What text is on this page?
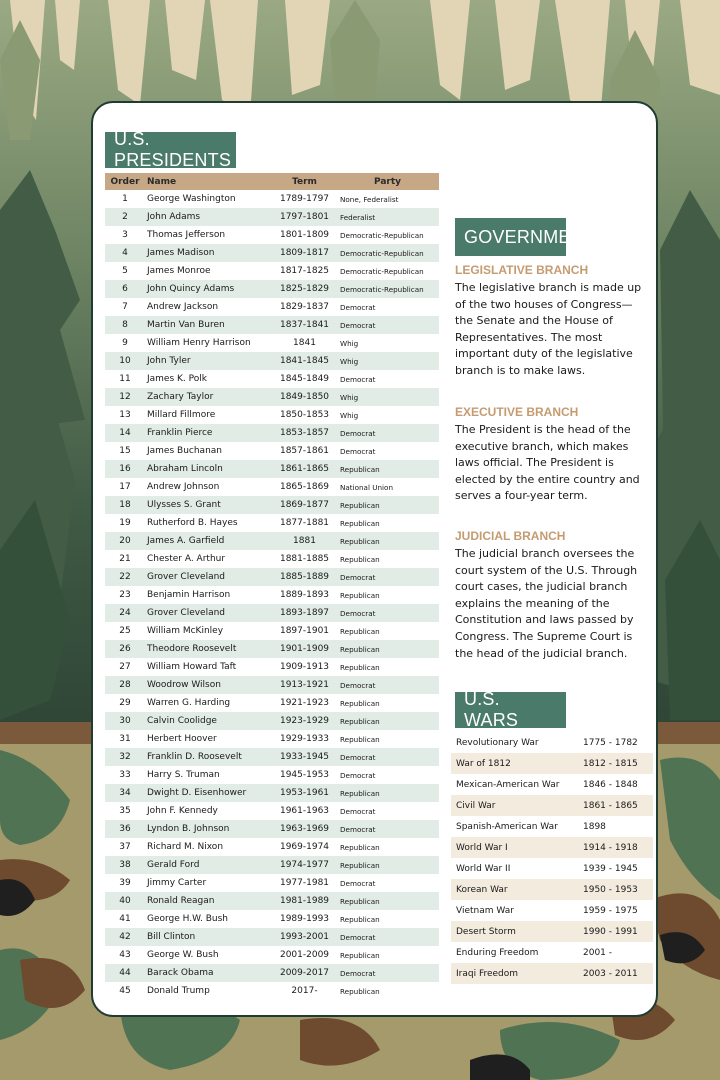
U.S. PRESIDENTS
Order Name	Term	Party
1	George Washington	1789-1797	None, Federalist
2	John Adams	1797-1801	Federalist
3	Thomas Jefferson	1801-1809	Democratic-Republican
4	James Madison	1809-1817	Democratic-Republican
5	James Monroe	1817-1825	Democratic-Republican
6	John Quincy Adams	1825-1829	Democratic-Republican
7	Andrew Jackson	1829-1837	Democrat
8	Martin Van Buren	1837-1841	Democrat
9	William Henry Harrison	1841	Whig
10	John Tyler	1841-1845	Whig
11	James K. Polk	1845-1849	Democrat
12	Zachary Taylor	1849-1850	Whig
13	Millard Fillmore	1850-1853	Whig
14	Franklin Pierce	1853-1857	Democrat
15	James Buchanan	1857-1861	Democrat
16	Abraham Lincoln	1861-1865	Republican
17	Andrew Johnson	1865-1869	National Union
18	Ulysses S. Grant	1869-1877	Republican
19	Rutherford B. Hayes	1877-1881	Republican
20	James A. Garfield	1881	Republican
21	Chester A. Arthur	1881-1885	Republican
22	Grover Cleveland	1885-1889	Democrat
23	Benjamin Harrison	1889-1893	Republican
24	Grover Cleveland	1893-1897	Democrat
25	William McKinley	1897-1901	Republican
26	Theodore Roosevelt	1901-1909	Republican
27	William Howard Taft	1909-1913	Republican
28	Woodrow Wilson	1913-1921	Democrat
29	Warren G. Harding	1921-1923	Republican
30	Calvin Coolidge	1923-1929	Republican
31	Herbert Hoover	1929-1933	Republican
32	Franklin D. Roosevelt	1933-1945	Democrat
33	Harry S. Truman	1945-1953	Democrat
34	Dwight D. Eisenhower	1953-1961	Republican
35	John F. Kennedy	1961-1963	Democrat
36	Lyndon B. Johnson	1963-1969	Democrat
37	Richard M. Nixon	1969-1974	Republican
38	Gerald Ford	1974-1977	Republican
39	Jimmy Carter	1977-1981	Democrat
40	Ronald Reagan	1981-1989	Republican
41	George H.W. Bush	1989-1993	Republican
42	Bill Clinton	1993-2001	Democrat
43	George W. Bush	2001-2009	Republican
44	Barack Obama	2009-2017	Democrat
45	Donald Trump	2017-	Republican
GOVERNMENT
LEGISLATIVE BRANCH

The legislative branch is made up of the two houses of Congress—the Senate and the House of Representatives. The most important duty of the legislative branch is to make laws.

EXECUTIVE BRANCH

The President is the head of the executive branch, which makes laws official. The President is elected by the entire country and serves a four-year term.

JUDICIAL BRANCH

The judicial branch oversees the court system of the U.S. Through court cases, the judicial branch explains the meaning of the Constitution and laws passed by Congress. The Supreme Court is the head of the judicial branch.

U.S. WARS
Revolutionary War	1775 - 1782
War of 1812	1812 - 1815
Mexican-American War	1846 - 1848
Civil War	1861 - 1865
Spanish-American War	1898
World War I	1914 - 1918
World War II	1939 - 1945
Korean War	1950 - 1953
Vietnam War	1959 - 1975
Desert Storm	1990 - 1991
Enduring Freedom	2001 -
Iraqi Freedom	2003 - 2011
